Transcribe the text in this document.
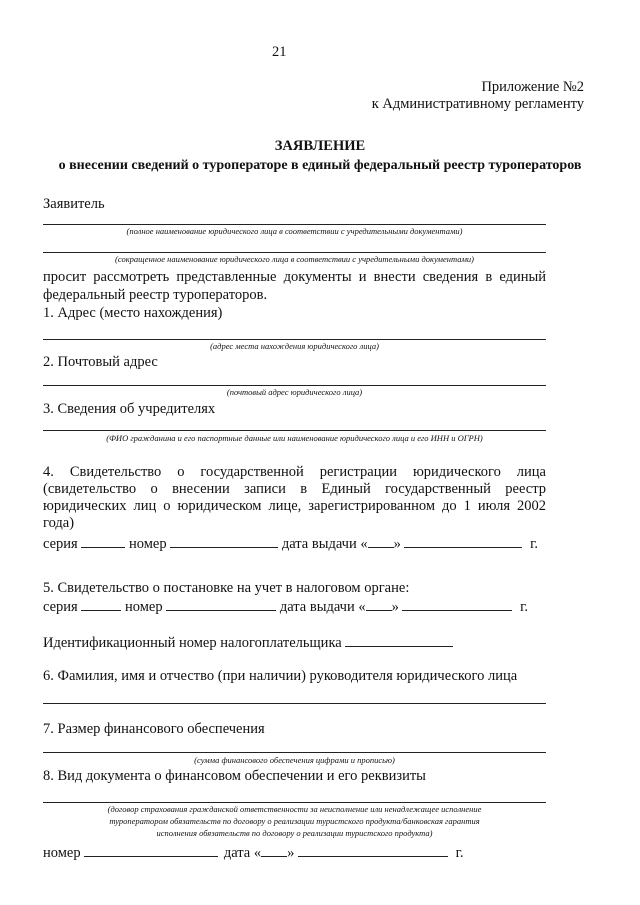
21
Приложение №2
к Административному регламенту
ЗАЯВЛЕНИЕ
о внесении сведений о туроператоре в единый федеральный реестр туроператоров
Заявитель
(полное наименование юридического лица в соответствии с учредительными документами)
(сокращенное наименование юридического лица в соответствии с учредительными документами)
просит рассмотреть представленные документы и внести сведения в единый
федеральный реестр туроператоров.
1. Адрес (место нахождения)
(адрес места нахождения юридического лица)
2. Почтовый адрес
(почтовый адрес юридического лица)
3. Сведения об учредителях
(ФИО гражданина и его паспортные данные или наименование юридического лица и его ИНН и ОГРН)
4. Свидетельство о государственной регистрации юридического лица
(свидетельство о внесении записи в Единый государственный реестр
юридических лиц о юридическом лице, зарегистрированном до 1 июля 2002
года)
серия	номер	дата выдачи « »	г.
5. Свидетельство о постановке на учет в налоговом органе:
серия	номер	дата выдачи « »	г.
Идентификационный номер налогоплательщика
6. Фамилия, имя и отчество (при наличии) руководителя юридического лица
7. Размер финансового обеспечения
(сумма финансового обеспечения цифрами и прописью)
8. Вид документа о финансовом обеспечении и его реквизиты
(договор страхования гражданской ответственности за неисполнение или ненадлежащее исполнение
туроператором обязательств по договору о реализации туристского продукта/банковская гарантия
исполнения обязательств по договору о реализации туристского продукта)
номер	дата « »	г.
